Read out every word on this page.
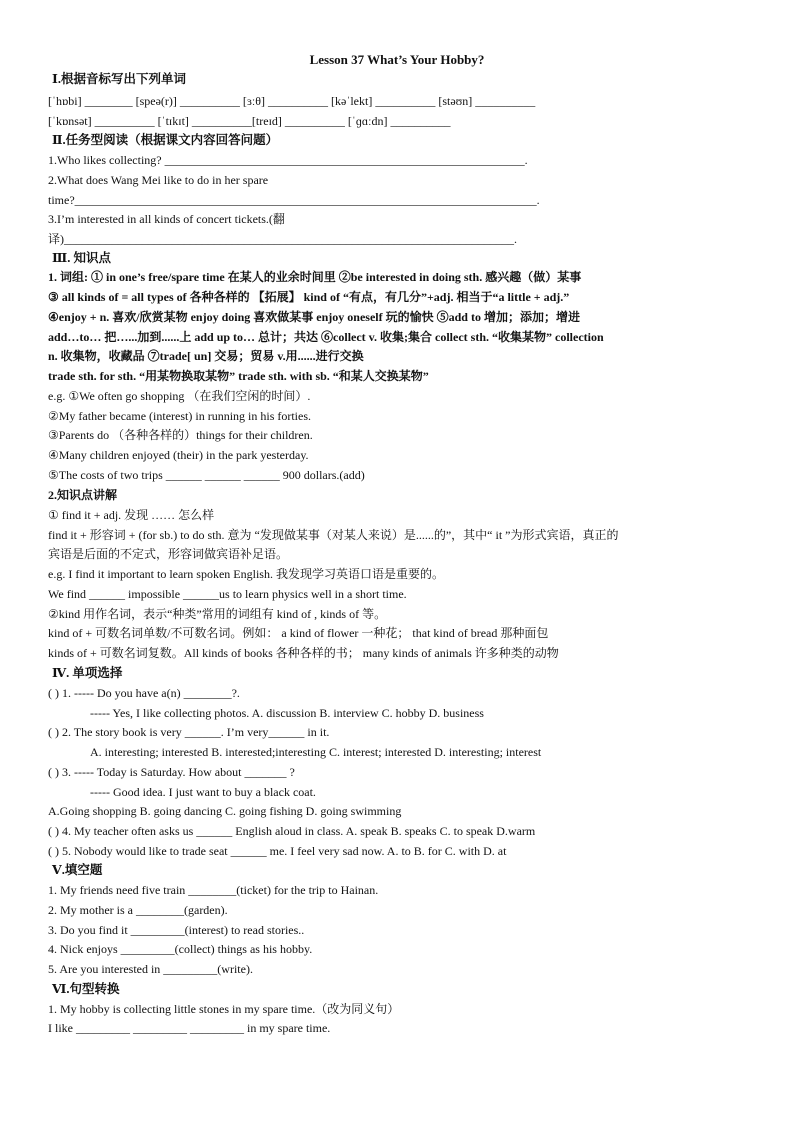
Lesson 37 What’s Your Hobby?
Ⅰ.根据音标写出下列单词
[ˈhɒbi] ________ [speə(r)] __________ [ɜːθ] __________ [kəˈlekt] __________ [stəʊn] __________
[ˈkɒnsət] __________ [ˈtɪkɪt] __________[treɪd] __________ [ˈɡɑːdn] __________
Ⅱ.任务型阅读（根据课文内容回答问题）
1.Who likes collecting? ____________________________________________________________.
2.What does Wang Mei like to do in her spare
time?_____________________________________________________________________________.
3.I’m interested in all kinds of concert tickets.(翻
译)___________________________________________________________________________.
Ⅲ. 知识点
1. 词组: ① in one’s free/spare time 在某人的业余时间里 ②be interested in doing sth. 感兴趣（做）某事
③ all kinds of = all types of 各种各样的 【拓展】 kind of “有点，有几分”+adj. 相当于“a little + adj.”
④enjoy + n. 喜欢/欣赏某物 enjoy doing 喜欢做某事 enjoy oneself 玩的愉快 ⑤add to 增加；添加；增进
add…to… 把…...加到......上 add up to… 总计；共达 ⑥collect v. 收集;集合 collect sth. “收集某物” collection
n. 收集物，收藏品 ⑦trade[ un] 交易；贸易 v.用......进行交换
trade sth. for sth. “用某物换取某物” trade sth. with sb. “和某人交换某物”
e.g. ①We often go shopping （在我们空闲的时间）.
②My father became (interest) in running in his forties.
③Parents do （各种各样的）things for their children.
④Many children enjoyed (their) in the park yesterday.
⑤The costs of two trips ______ ______ ______ 900 dollars.(add)
2.知识点讲解
① find it + adj. 发现 …… 怎么样
find it + 形容词 + (for sb.) to do sth. 意为 “发现做某事（对某人来说）是......的”，其中“ it ”为形式宾语，真正的
宾语是后面的不定式，形容词做宾语补足语。
e.g. I find it important to learn spoken English. 我发现学习英语口语是重要的。
We find ______ impossible ______us to learn physics well in a short time.
②kind 用作名词，表示“种类”常用的词组有 kind of , kinds of 等。
kind of + 可数名词单数/不可数名词。例如： a kind of flower 一种花； that kind of bread 那种面包
kinds of + 可数名词复数。All kinds of books 各种各样的书； many kinds of animals 许多种类的动物
Ⅳ. 单项选择
( ) 1. ----- Do you have a(n) ________?.
----- Yes, I like collecting photos. A. discussion B. interview C. hobby D. business
( ) 2. The story book is very ______. I’m very______ in it.
A. interesting; interested B. interested;interesting C. interest; interested D. interesting; interest
( ) 3. ----- Today is Saturday. How about _______ ?
----- Good idea. I just want to buy a black coat.
A.Going shopping B. going dancing C. going fishing D. going swimming
( ) 4. My teacher often asks us ______ English aloud in class. A. speak B. speaks C. to speak D.warm
( ) 5. Nobody would like to trade seat ______ me. I feel very sad now. A. to B. for C. with D. at
Ⅴ.填空题
1. My friends need five train ________(ticket) for the trip to Hainan.
2. My mother is a ________(garden).
3. Do you find it _________(interest) to read stories..
4. Nick enjoys _________(collect) things as his hobby.
5. Are you interested in _________(write).
Ⅵ.句型转换
1. My hobby is collecting little stones in my spare time.（改为同义句）
I like _________ _________ _________ in my spare time.
